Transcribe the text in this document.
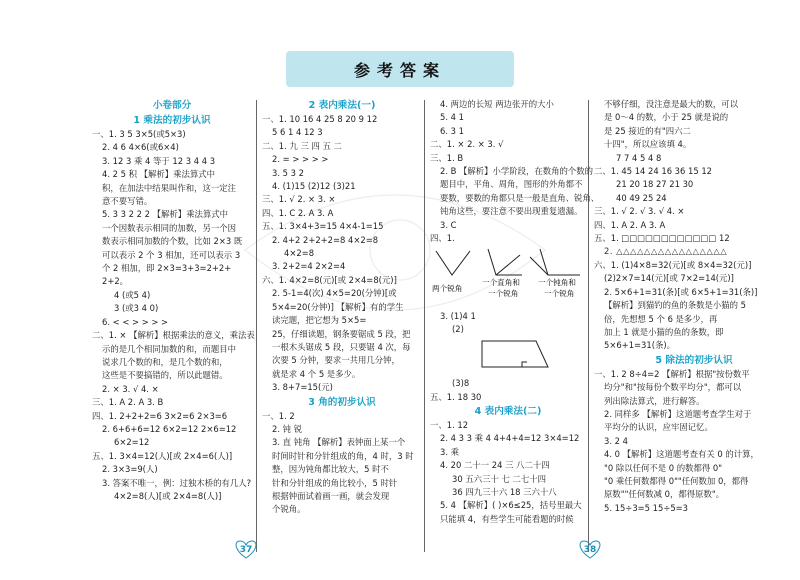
参考答案
小卷部分
1 乘法的初步认识
一、1. 3 5 3×5(或5×3)
2. 4 6 4×6(或6×4)
3. 12 3 乘 4 等于 12 3 4 4 3
4. 2 5 积 【解析】乘法算式中
积，在加法中结果叫作和，这一定注
意不要写错。
5. 3 3 2 2 2 【解析】乘法算式中
一个因数表示相同的加数，另一个因
数表示相同加数的个数，比如 2×3 既
可以表示 2 个 3 相加，还可以表示 3
个 2 相加，即 2×3=3+3=2+2+
2+2。
4 (或5 4)
3 (或3 4 0)
6. < < > > > >
二、1. × 【解析】根据乘法的意义，乘法表
示的是几个相同加数的和，而题目中
说求几个数的和，是几个数的和，
这些是不要搞错的，所以此题错。
2. × 3. √ 4. ×
三、1. A 2. A 3. B
四、1. 2+2+2=6 3×2=6 2×3=6
2. 6+6+6=12 6×2=12 2×6=12
6×2=12
五、1. 3×4=12(人)[或 2×4=6(人)]
2. 3×3=9(人)
3. 答案不唯一，例：过独木桥的有几人?
4×2=8(人)[或 2×4=8(人)]
2 表内乘法(一)
一、1. 10 16 4 25 8 20 9 12
5 6 1 4 12 3
二、1. 九 三 四 五 二
2. = > > > >
3. 5 3 2
4. (1)15 (2)12 (3)21
三、1. √ 2. × 3. ×
四、1. C 2. A 3. A
五、1. 3×4+3=15 4×4-1=15
2. 4+2 2+2+2=8 4×2=8
4×2=8
3. 2+2=4 2×2=4
六、1. 4×2=8(元)[或 2×4=8(元)]
2. 5-1=4(次) 4×5=20(分钟)[或
5×4=20(分钟)] 【解析】有的学生
读完题，把它想为 5×5=
25，仔细读题，钢条要锯成 5 段，把
一根木头锯成 5 段，只要锯 4 次，每
次要 5 分钟，要求一共用几分钟，
就是求 4 个 5 是多少。
3. 8+7=15(元)
3 角的初步认识
一、1. 2
2. 钝 锐
3. 直 钝角 【解析】表钟面上某一个
时间时针和分针组成的角，4 时，3 时
整，因为钝角都比较大，5 时不
针和分针组成的角比较小，5 时针
根据钟面试着画一画，就会发现
个锐角。
4. 两边的长短 两边张开的大小
5. 4 1
6. 3 1
二、1. × 2. × 3. √
三、1. B
2. B 【解析】小学阶段，在数角的个数的
题目中，平角、周角，图形的外角都不
要数，要数的角都只是一般是直角、锐角、
钝角这些，要注意不要出现重复遗漏。
3. C
四、1.
两个锐角
一个直角和
一个锐角
一个钝角和
一个锐角
3. (1)4 1
(2)
(3)8
五、1. 18 30
4 表内乘法(二)
一、1. 12
2. 4 3 3 乘 4 4+4+4=12 3×4=12
3. 乘
4. 20 二十一 24 三 八二十四
30 五六三十 七 二七十四
36 四九三十六 18 三六十八
5. 4 【解析】( )×6≤25，括号里最大
只能填 4，有些学生可能看题的时候
不够仔细，没注意是最大的数，可以
是 0～4 的数，小于 25 就是说的
是 25 接近的有"四六二
十四"，所以应该填 4。
7 7 4 5 4 8
二、1. 45 14 24 16 36 15 12
21 20 18 27 21 30
40 49 25 24
三、1. √ 2. √ 3. √ 4. ×
四、1. A 2. A 3. A
五、1. □□□□□□□□□□□□ 12
2. △△△△△△△△△△△△△△△△
六、1. (1)4×8=32(元)[或 8×4=32(元)]
(2)2×7=14(元)[或 7×2=14(元)]
2. 5×6+1=31(条)[或 6×5+1=31(条)]
【解析】到猫钓的鱼的条数是小猫的 5
倍，先想想 5 个 6 是多少，再
加上 1 就是小猫的鱼的条数，即
5×6+1=31(条)。
5 除法的初步认识
一、1. 2 8÷4=2 【解析】根据"按份数平
均分"和"按每份个数平均分"，都可以
列出除法算式，进行解答。
2. 同样多 【解析】这道题考查学生对于
平均分的认识，应牢固记忆。
3. 2 4
4. 0 【解析】这道题考查有关 0 的计算，
"0 除以任何不是 0 的数都得 0"
"0 乘任何数都得 0""任何数加 0，都得
原数""任何数减 0，都得原数"。
5. 15÷3=5 15÷5=3
37	38
